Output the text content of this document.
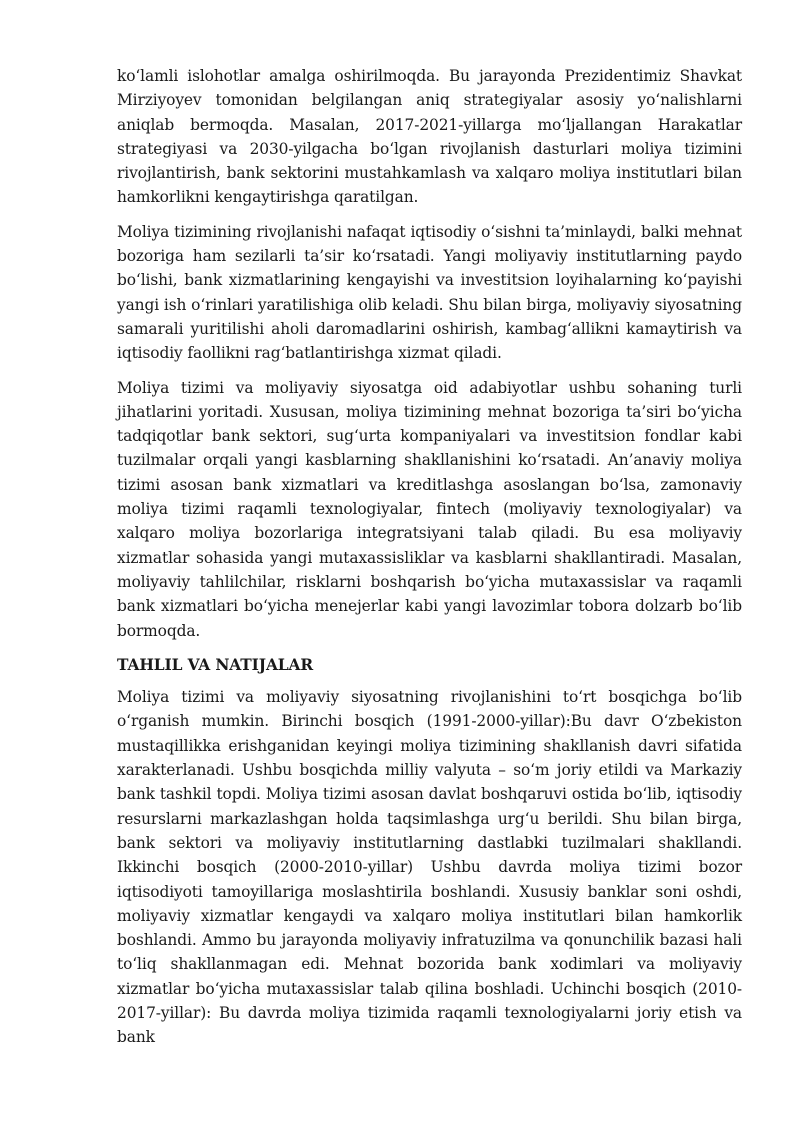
ko‘lamli islohotlar amalga oshirilmoqda. Bu jarayonda Prezidentimiz Shavkat Mirziyoyev tomonidan belgilangan aniq strategiyalar asosiy yo‘nalishlarni aniqlab bermoqda. Masalan, 2017-2021-yillarga mo‘ljallangan Harakatlar strategiyasi va 2030-yilgacha bo‘lgan rivojlanish dasturlari moliya tizimini rivojlantirish, bank sektorini mustahkamlash va xalqaro moliya institutlari bilan hamkorlikni kengaytirishga qaratilgan.

Moliya tizimining rivojlanishi nafaqat iqtisodiy o‘sishni ta’minlaydi, balki mehnat bozoriga ham sezilarli ta’sir ko‘rsatadi. Yangi moliyaviy institutlarning paydo bo‘lishi, bank xizmatlarining kengayishi va investitsion loyihalarning ko‘payishi yangi ish o‘rinlari yaratilishiga olib keladi. Shu bilan birga, moliyaviy siyosatning samarali yuritilishi aholi daromadlarini oshirish, kambag‘allikni kamaytirish va iqtisodiy faollikni rag‘batlantirishga xizmat qiladi.

Moliya tizimi va moliyaviy siyosatga oid adabiyotlar ushbu sohaning turli jihatlarini yoritadi. Xususan, moliya tizimining mehnat bozoriga ta’siri bo‘yicha tadqiqotlar bank sektori, sug‘urta kompaniyalari va investitsion fondlar kabi tuzilmalar orqali yangi kasblarning shakllanishini ko‘rsatadi. An’anaviy moliya tizimi asosan bank xizmatlari va kreditlashga asoslangan bo‘lsa, zamonaviy moliya tizimi raqamli texnologiyalar, fintech (moliyaviy texnologiyalar) va xalqaro moliya bozorlariga integratsiyani talab qiladi. Bu esa moliyaviy xizmatlar sohasida yangi mutaxassisliklar va kasblarni shakllantiradi. Masalan, moliyaviy tahlilchilar, risklarni boshqarish bo‘yicha mutaxassislar va raqamli bank xizmatlari bo‘yicha menejerlar kabi yangi lavozimlar tobora dolzarb bo‘lib bormoqda.

TAHLIL VA NATIJALAR

Moliya tizimi va moliyaviy siyosatning rivojlanishini to‘rt bosqichga bo‘lib o‘rganish mumkin. Birinchi bosqich (1991-2000-yillar):Bu davr O‘zbekiston mustaqillikka erishganidan keyingi moliya tizimining shakllanish davri sifatida xarakterlanadi. Ushbu bosqichda milliy valyuta – so‘m joriy etildi va Markaziy bank tashkil topdi. Moliya tizimi asosan davlat boshqaruvi ostida bo‘lib, iqtisodiy resurslarni markazlashgan holda taqsimlashga urg‘u berildi. Shu bilan birga, bank sektori va moliyaviy institutlarning dastlabki tuzilmalari shakllandi. Ikkinchi bosqich (2000-2010-yillar) Ushbu davrda moliya tizimi bozor iqtisodiyoti tamoyillariga moslashtirila boshlandi. Xususiy banklar soni oshdi, moliyaviy xizmatlar kengaydi va xalqaro moliya institutlari bilan hamkorlik boshlandi. Ammo bu jarayonda moliyaviy infratuzilma va qonunchilik bazasi hali to‘liq shakllanmagan edi. Mehnat bozorida bank xodimlari va moliyaviy xizmatlar bo‘yicha mutaxassislar talab qilina boshladi. Uchinchi bosqich (2010-2017-yillar): Bu davrda moliya tizimida raqamli texnologiyalarni joriy etish va bank
